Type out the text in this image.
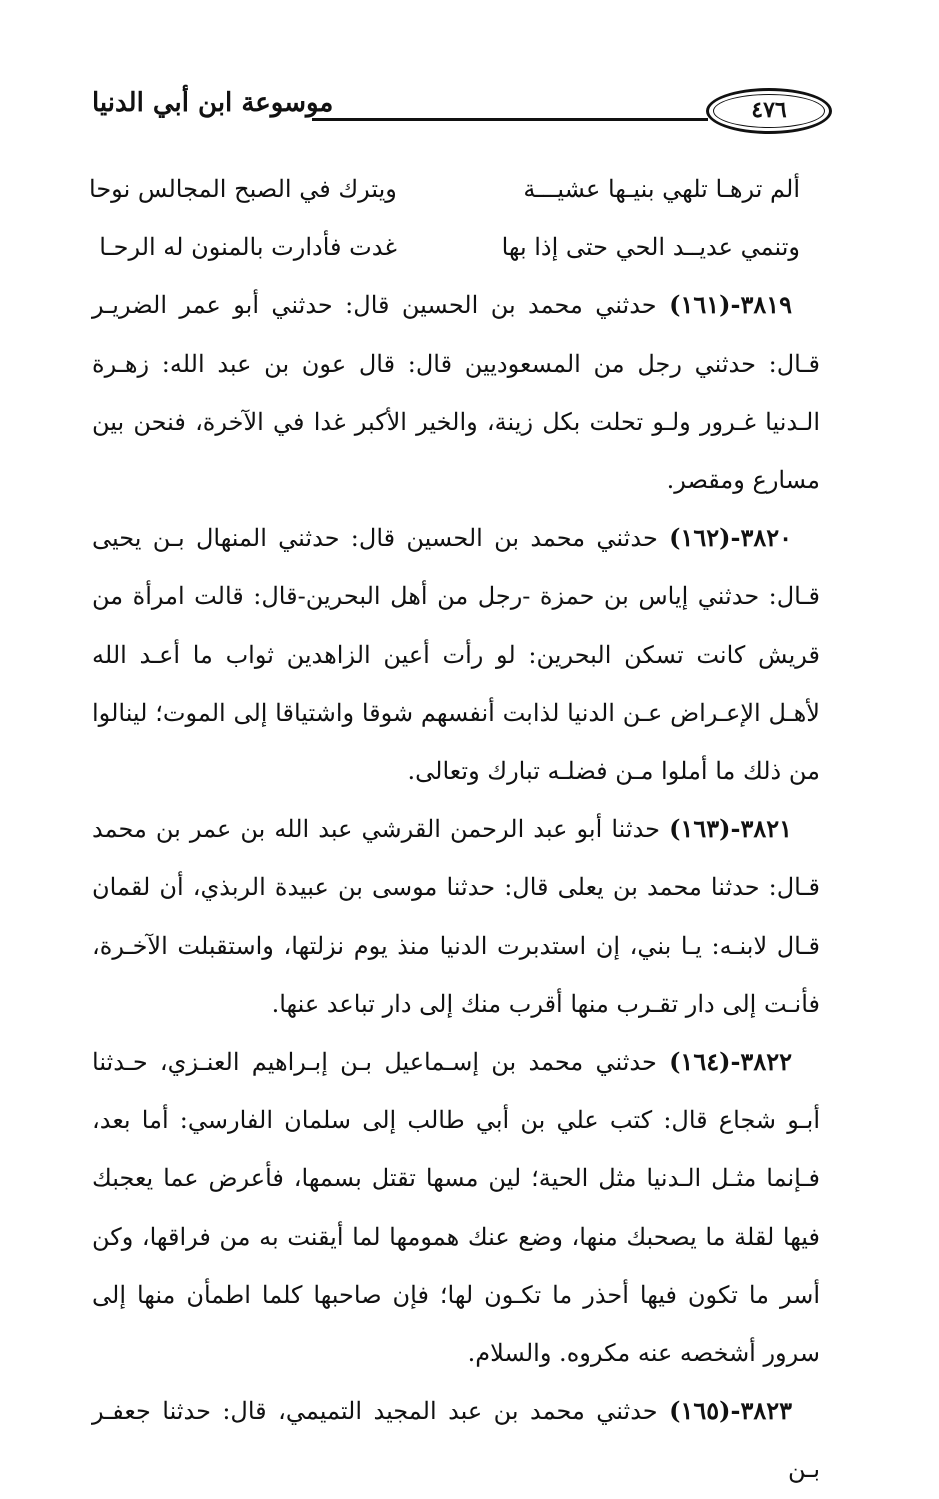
موسوعة ابن أبي الدنيا	٤٧٦
ألم ترهـا تلهي بنيـها عشيـــة
ويترك في الصبح المجالس نوحا
وتنمي عديــد الحي حتى إذا بها
غدت فأدارت بالمنون له الرحـا

٣٨١٩-(١٦١) حدثني محمد بن الحسين قال: حدثني أبو عمر الضريـر قـال: حدثني رجل من المسعوديين قال: قال عون بن عبد الله: زهـرة الـدنيا غـرور ولـو تحلت بكل زينة، والخير الأكبر غدا في الآخرة، فنحن بين مسارع ومقصر.

٣٨٢٠-(١٦٢) حدثني محمد بن الحسين قال: حدثني المنهال بـن يحيى قـال: حدثني إياس بن حمزة -رجل من أهل البحرين-قال: قالت امرأة من قريش كانت تسكن البحرين: لو رأت أعين الزاهدين ثواب ما أعـد الله لأهـل الإعـراض عـن الدنيا لذابت أنفسهم شوقا واشتياقا إلى الموت؛ لينالوا من ذلك ما أملوا مـن فضلـه تبارك وتعالى.

٣٨٢١-(١٦٣) حدثنا أبو عبد الرحمن القرشي عبد الله بن عمر بن محمد قـال: حدثنا محمد بن يعلى قال: حدثنا موسى بن عبيدة الربذي، أن لقمان قـال لابنـه: يـا بني، إن استدبرت الدنيا منذ يوم نزلتها، واستقبلت الآخـرة، فأنـت إلى دار تقـرب منها أقرب منك إلى دار تباعد عنها.

٣٨٢٢-(١٦٤) حدثني محمد بن إسـماعيل بـن إبـراهيم العنـزي، حـدثنا أبـو شجاع قال: كتب علي بن أبي طالب إلى سلمان الفارسي: أما بعد، فـإنما مثـل الـدنيا مثل الحية؛ لين مسها تقتل بسمها، فأعرض عما يعجبك فيها لقلة ما يصحبك منها، وضع عنك همومها لما أيقنت به من فراقها، وكن أسر ما تكون فيها أحذر ما تكـون لها؛ فإن صاحبها كلما اطمأن منها إلى سرور أشخصه عنه مكروه. والسلام.

٣٨٢٣-(١٦٥) حدثني محمد بن عبد المجيد التميمي، قال: حدثنا جعفـر بـن
